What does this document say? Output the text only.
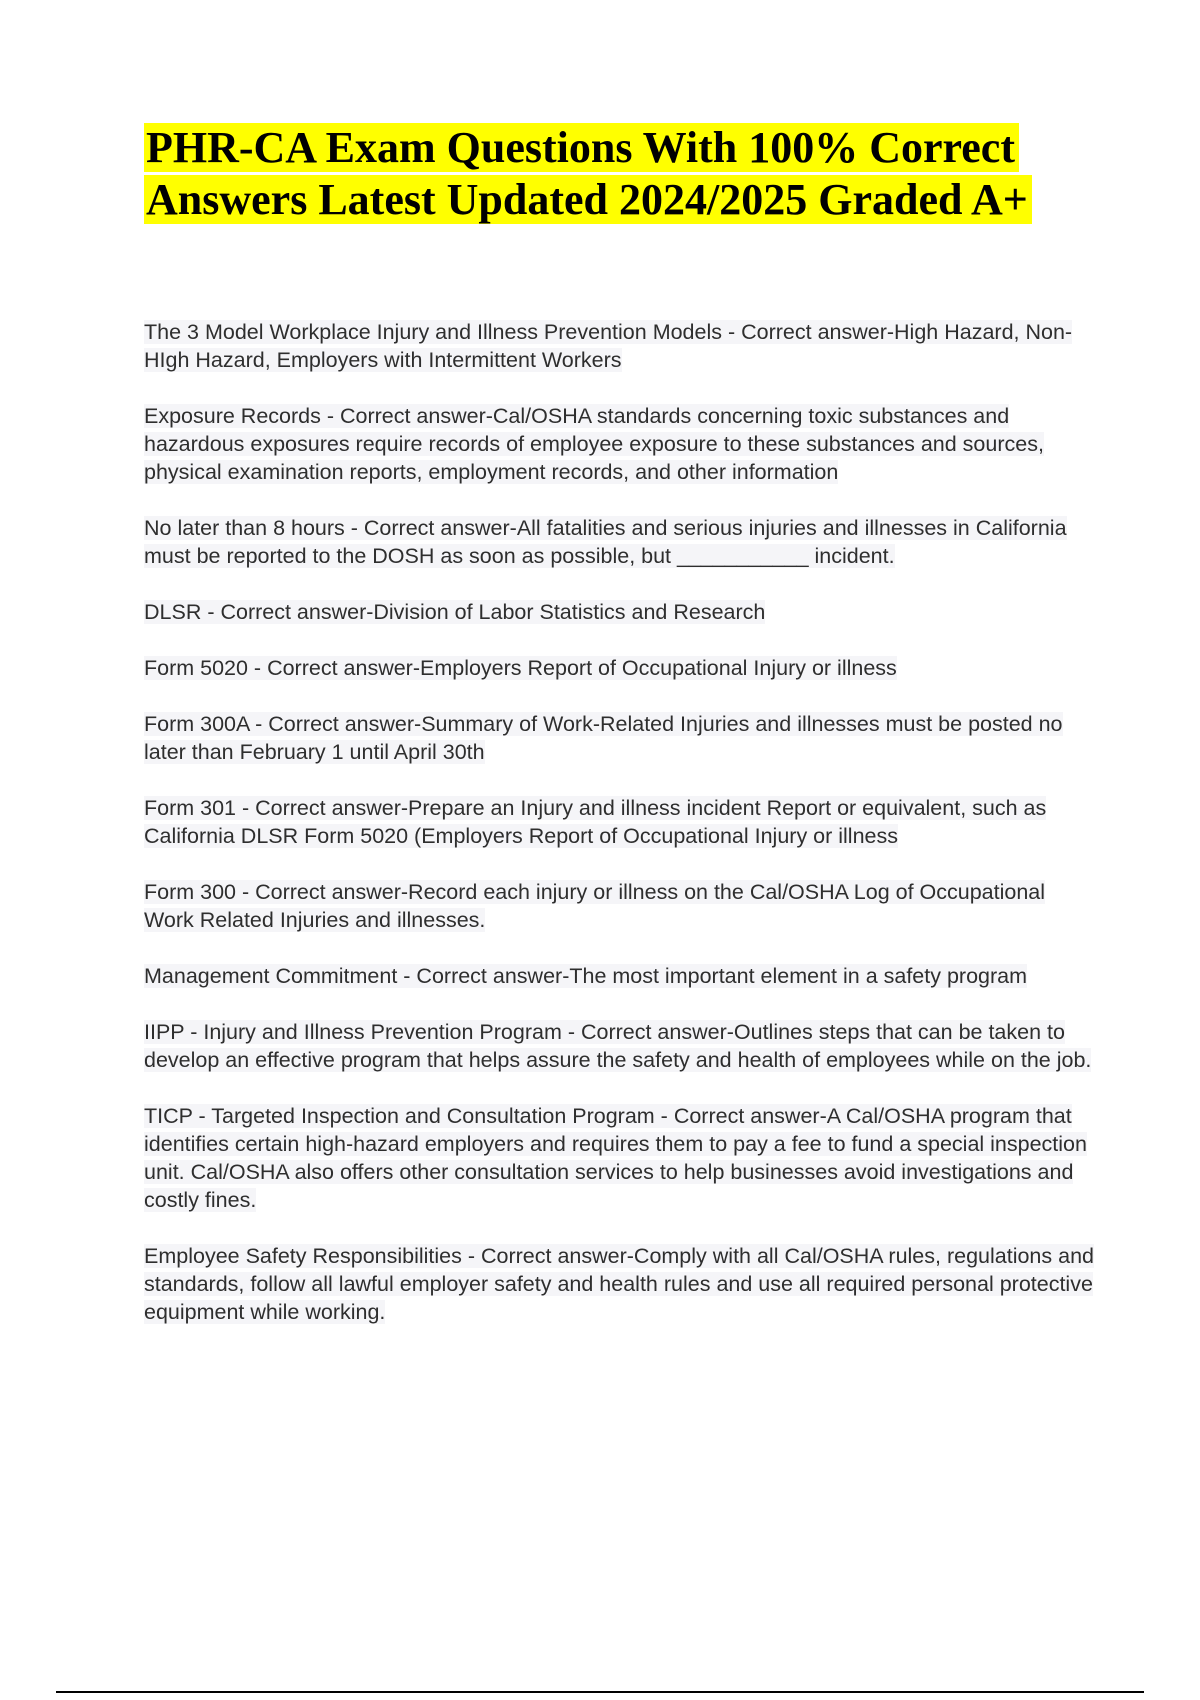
PHR-CA Exam Questions With 100% Correct Answers Latest Updated 2024/2025 Graded A+

The 3 Model Workplace Injury and Illness Prevention Models - Correct answer-High Hazard, Non-HIgh Hazard, Employers with Intermittent Workers

Exposure Records - Correct answer-Cal/OSHA standards concerning toxic substances and hazardous exposures require records of employee exposure to these substances and sources, physical examination reports, employment records, and other information

No later than 8 hours - Correct answer-All fatalities and serious injuries and illnesses in California must be reported to the DOSH as soon as possible, but ___________ incident.

DLSR - Correct answer-Division of Labor Statistics and Research

Form 5020 - Correct answer-Employers Report of Occupational Injury or illness

Form 300A - Correct answer-Summary of Work-Related Injuries and illnesses must be posted no later than February 1 until April 30th

Form 301 - Correct answer-Prepare an Injury and illness incident Report or equivalent, such as California DLSR Form 5020 (Employers Report of Occupational Injury or illness

Form 300 - Correct answer-Record each injury or illness on the Cal/OSHA Log of Occupational Work Related Injuries and illnesses.

Management Commitment - Correct answer-The most important element in a safety program

IIPP - Injury and Illness Prevention Program - Correct answer-Outlines steps that can be taken to develop an effective program that helps assure the safety and health of employees while on the job.

TICP - Targeted Inspection and Consultation Program - Correct answer-A Cal/OSHA program that identifies certain high-hazard employers and requires them to pay a fee to fund a special inspection unit. Cal/OSHA also offers other consultation services to help businesses avoid investigations and costly fines.

Employee Safety Responsibilities - Correct answer-Comply with all Cal/OSHA rules, regulations and standards, follow all lawful employer safety and health rules and use all required personal protective equipment while working.
